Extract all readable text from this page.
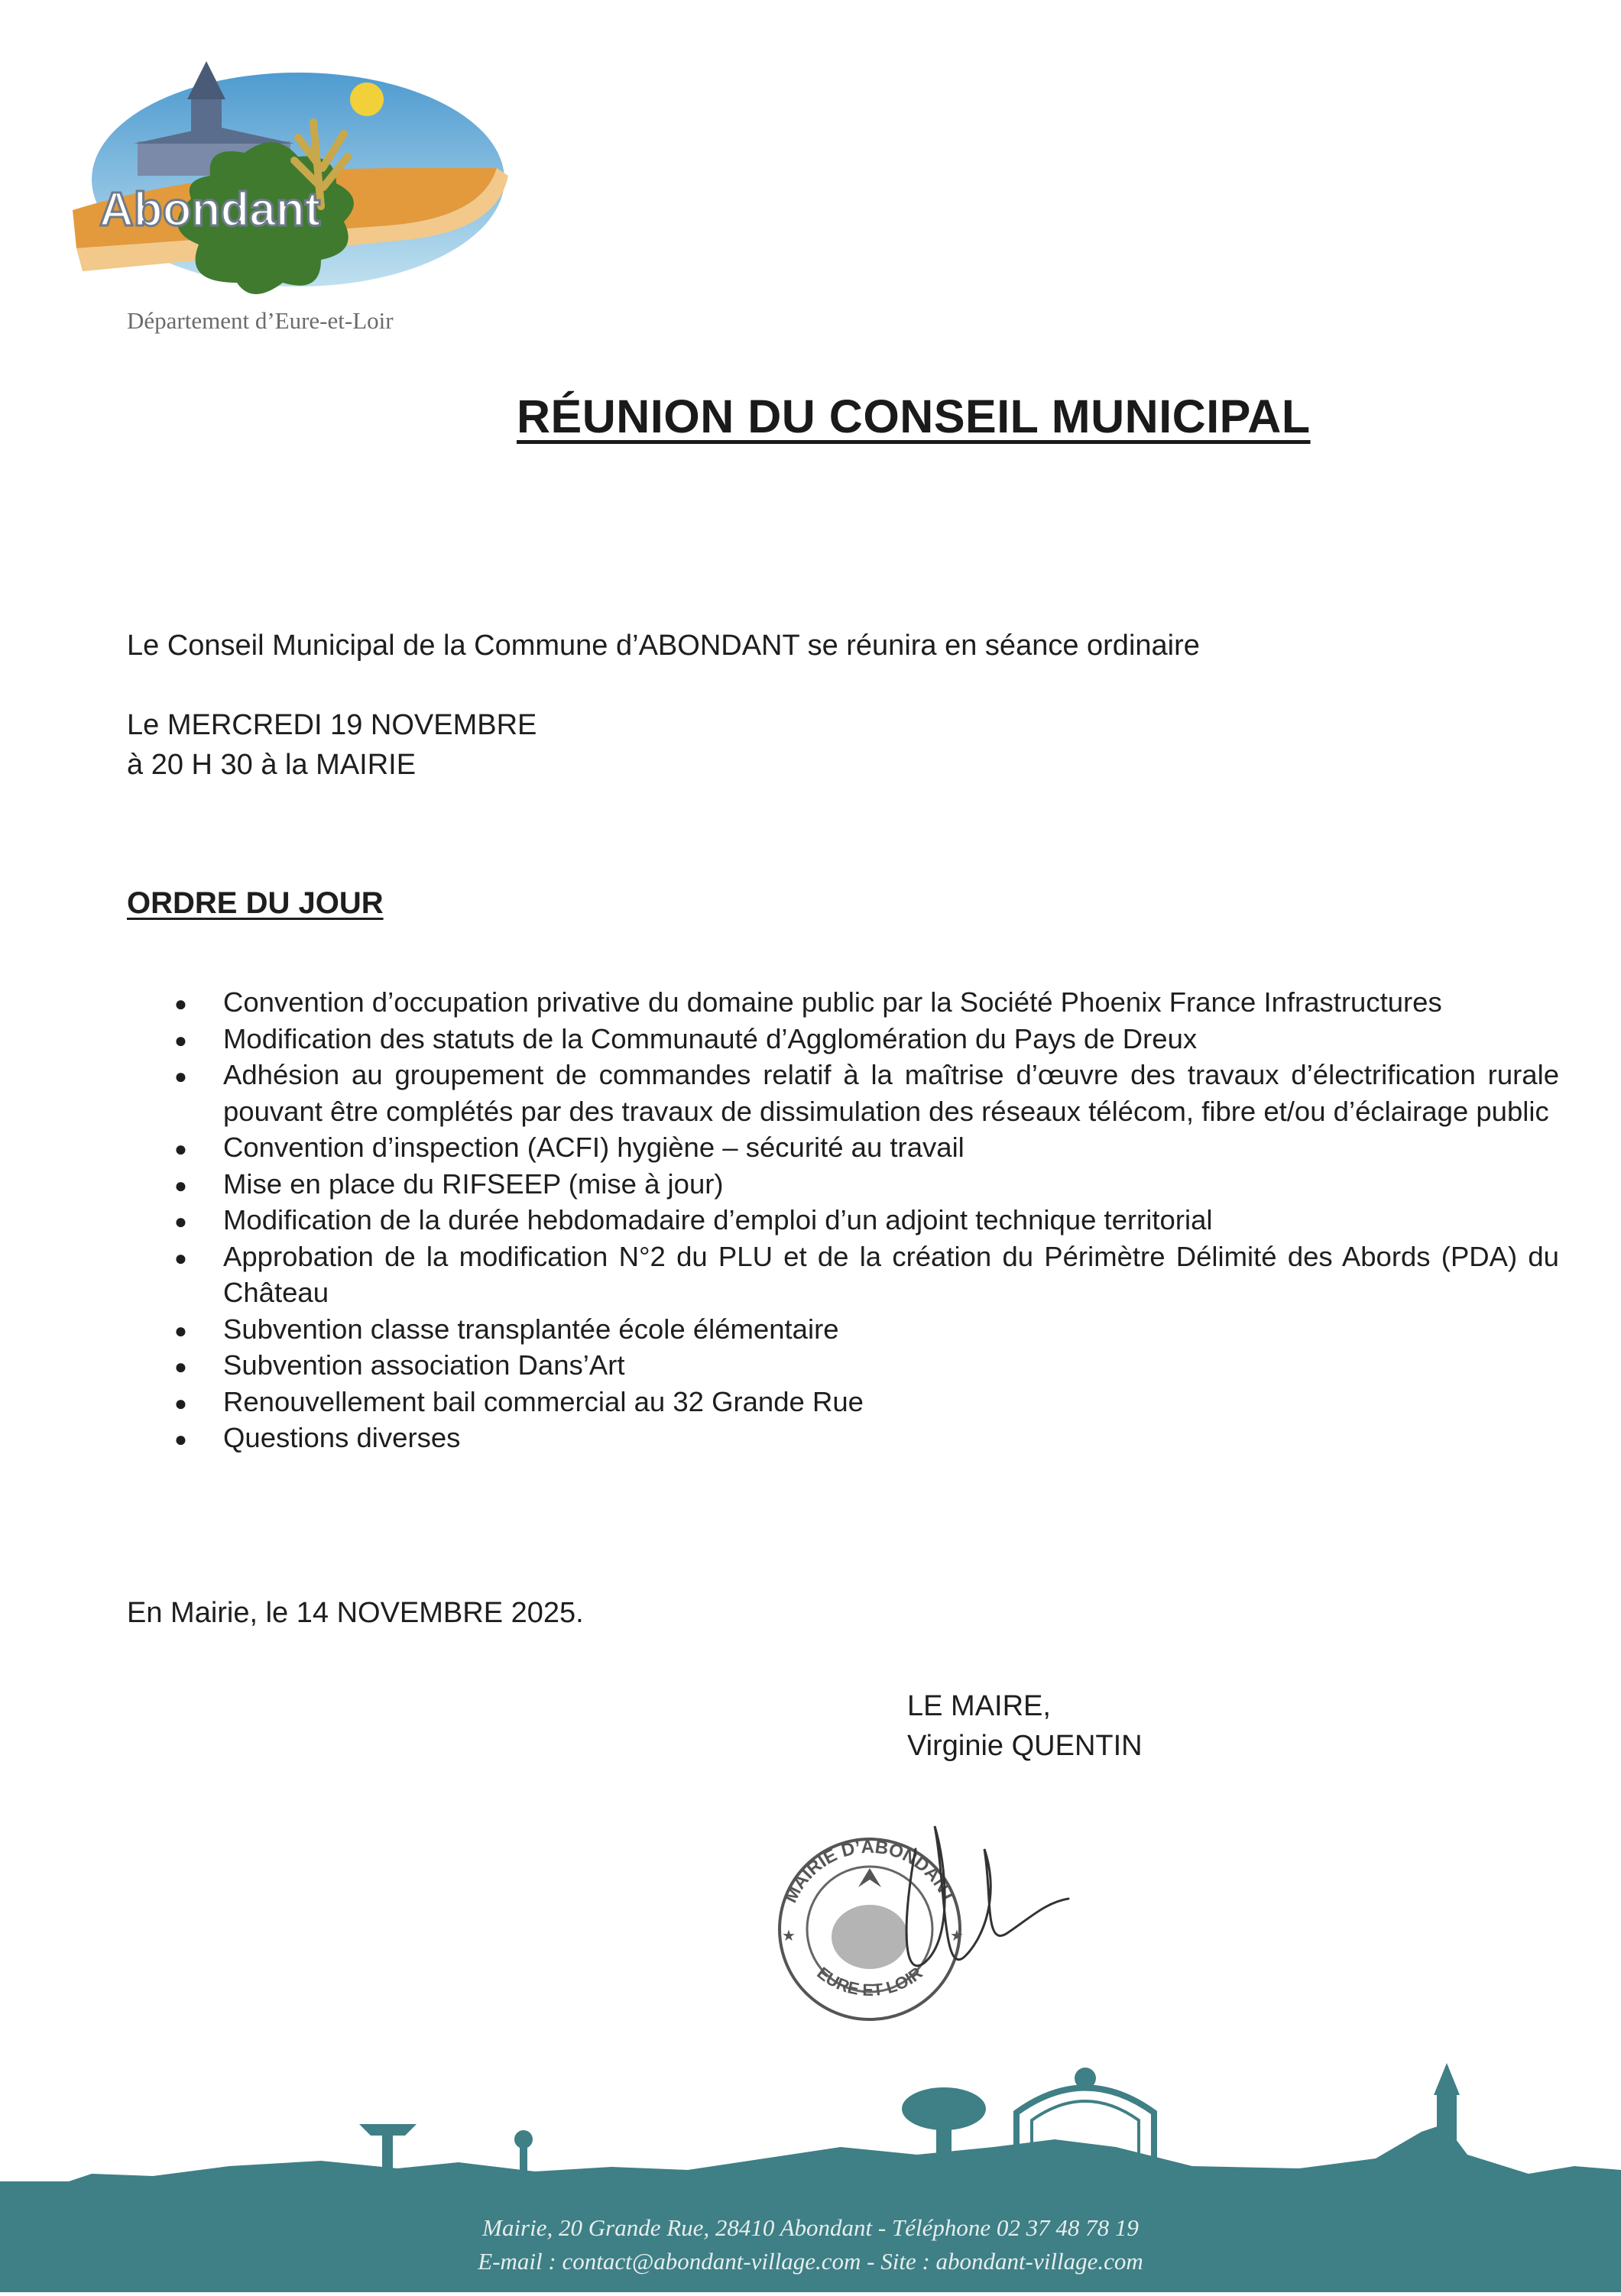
Abondant
Département d’Eure-et-Loir
RÉUNION DU CONSEIL MUNICIPAL
Le Conseil Municipal de la Commune d’ABONDANT se réunira en séance ordinaire
Le MERCREDI 19 NOVEMBRE
à 20 H 30 à la MAIRIE
ORDRE DU JOUR
● Convention d’occupation privative du domaine public par la Société Phoenix France Infrastructures
● Modification des statuts de la Communauté d’Agglomération du Pays de Dreux
● Adhésion au groupement de commandes relatif à la maîtrise d’œuvre des travaux d’électrification rurale pouvant être complétés par des travaux de dissimulation des réseaux télécom, fibre et/ou d’éclairage public
● Convention d’inspection (ACFI) hygiène – sécurité au travail
● Mise en place du RIFSEEP (mise à jour)
● Modification de la durée hebdomadaire d’emploi d’un adjoint technique territorial
● Approbation de la modification N°2 du PLU et de la création du Périmètre Délimité des Abords (PDA) du Château
● Subvention classe transplantée école élémentaire
● Subvention association Dans’Art
● Renouvellement bail commercial au 32 Grande Rue
● Questions diverses
En Mairie, le 14 NOVEMBRE 2025.
LE MAIRE,
Virginie QUENTIN
MAIRIE D’ABONDANT
EURE ET LOIR
★
★
Mairie, 20 Grande Rue, 28410 Abondant - Téléphone 02 37 48 78 19
E-mail : contact@abondant-village.com - Site : abondant-village.com
